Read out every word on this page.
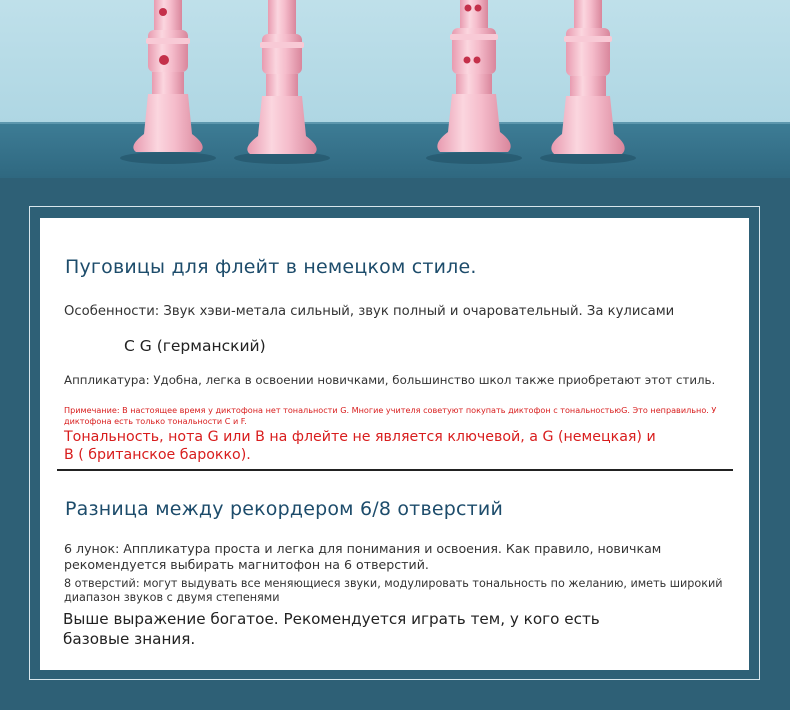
Пуговицы для флейт в немецком стиле.

Особенности: Звук хэви-метала сильный, звук полный и очаровательный. За кулисами

C G (германский)

Аппликатура: Удобна, легка в освоении новичками, большинство школ также приобретают этот стиль.

Примечание: В настоящее время у диктофона нет тональности G. Многие учителя советуют покупать диктофон с тональностьюG. Это неправильно. У диктофона есть только тональности C и F.

Тональность, нота G или B на флейте не является ключевой, а G (немецкая) и B ( британское барокко).

Разница между рекордером 6/8 отверстий

6 лунок: Аппликатура проста и легка для понимания и освоения. Как правило, новичкам рекомендуется выбирать магнитофон на 6 отверстий.

8 отверстий: могут выдувать все меняющиеся звуки, модулировать тональность по желанию, иметь широкий диапазон звуков с двумя степенями

Выше выражение богатое. Рекомендуется играть тем, у кого есть базовые знания.
